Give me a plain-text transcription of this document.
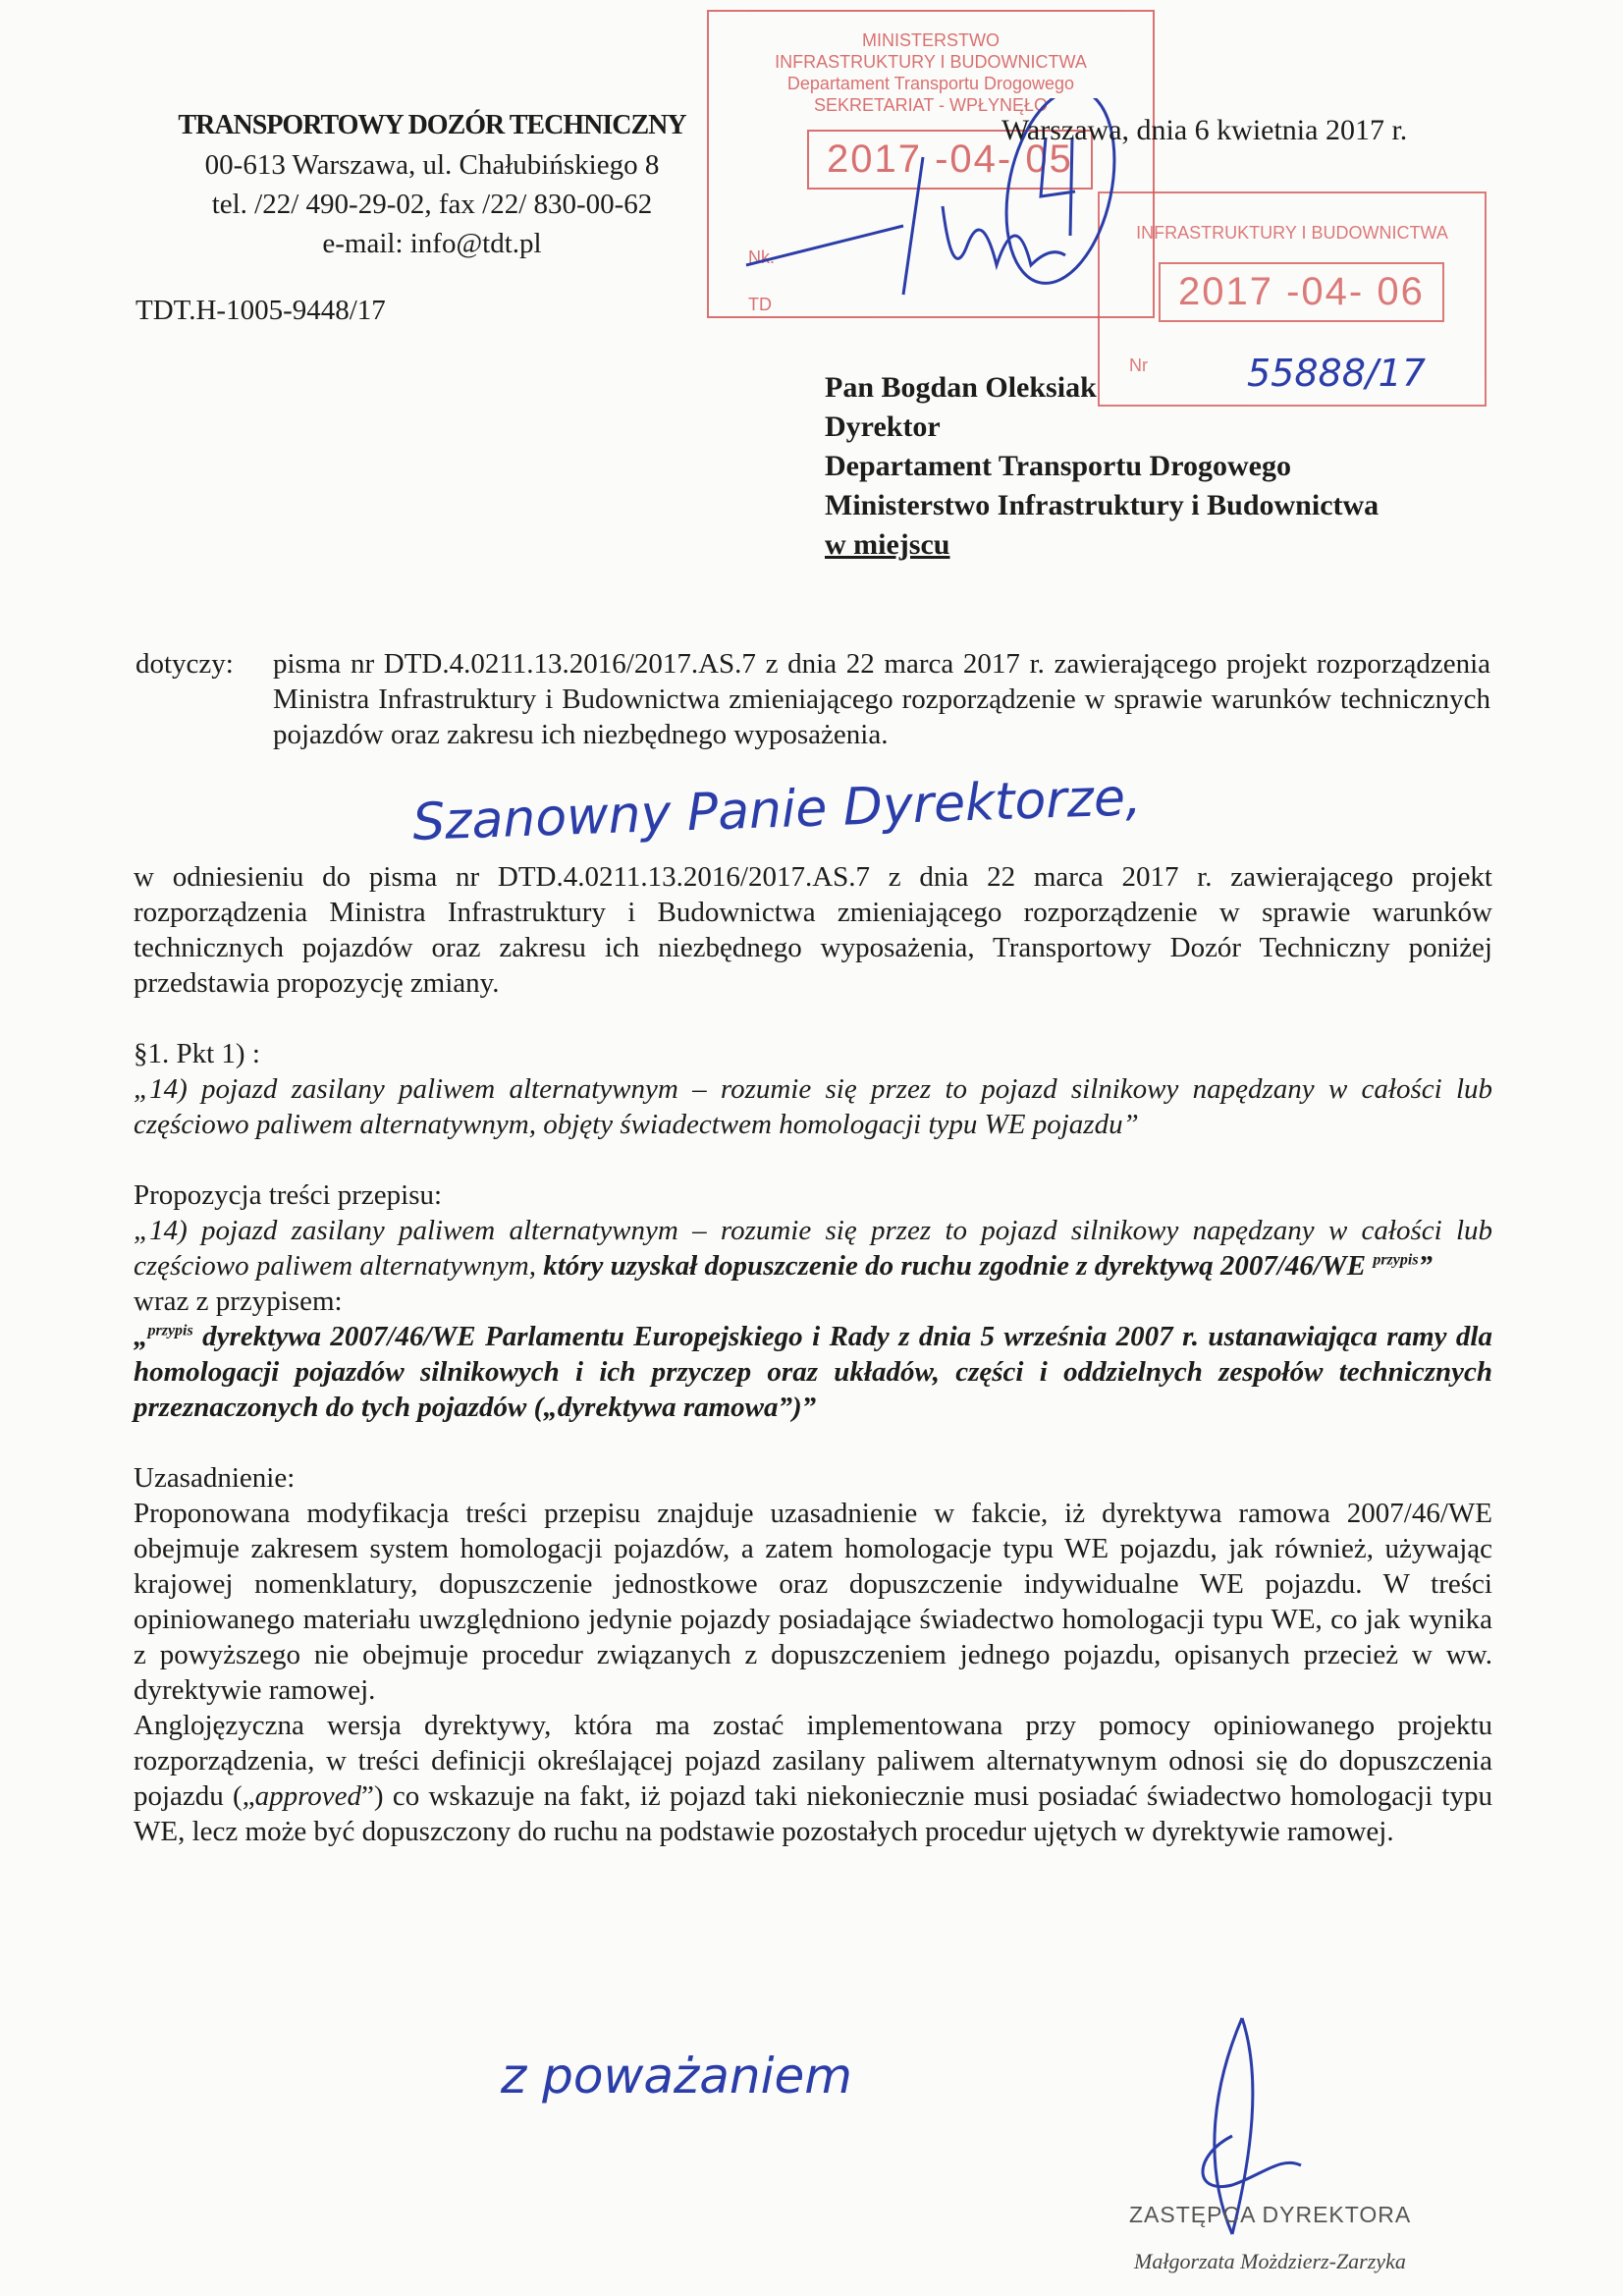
MINISTERSTWO
INFRASTRUKTURY I BUDOWNICTWA
Departament Transportu Drogowego
SEKRETARIAT - WPŁYNĘŁO
2017 -04- 05
Nk.
TD
INFRASTRUKTURY I BUDOWNICTWA
2017 -04- 06
Nr
TRANSPORTOWY DOZÓR TECHNICZNY
00-613 Warszawa, ul. Chałubińskiego 8
tel. /22/ 490-29-02, fax /22/ 830-00-62
e-mail: info@tdt.pl
TDT.H-1005-9448/17
Warszawa, dnia 6 kwietnia 2017 r.
55888/17
Pan Bogdan Oleksiak
Dyrektor
Departament Transportu Drogowego
Ministerstwo Infrastruktury i Budownictwa
w miejscu
dotyczy: pisma nr DTD.4.0211.13.2016/2017.AS.7 z dnia 22 marca 2017 r. zawierającego projekt rozporządzenia Ministra Infrastruktury i Budownictwa zmieniającego rozporządzenie w sprawie warunków technicznych pojazdów oraz zakresu ich niezbędnego wyposażenia.
Szanowny Panie Dyrektorze,

w odniesieniu do pisma nr DTD.4.0211.13.2016/2017.AS.7 z dnia 22 marca 2017 r. zawierającego projekt rozporządzenia Ministra Infrastruktury i Budownictwa zmieniającego rozporządzenie w sprawie warunków technicznych pojazdów oraz zakresu ich niezbędnego wyposażenia, Transportowy Dozór Techniczny poniżej przedstawia propozycję zmiany.

§1. Pkt 1) :

„14) pojazd zasilany paliwem alternatywnym – rozumie się przez to pojazd silnikowy napędzany w całości lub częściowo paliwem alternatywnym, objęty świadectwem homologacji typu WE pojazdu”

Propozycja treści przepisu:

„14) pojazd zasilany paliwem alternatywnym – rozumie się przez to pojazd silnikowy napędzany w całości lub częściowo paliwem alternatywnym, który uzyskał dopuszczenie do ruchu zgodnie z dyrektywą 2007/46/WE $^{przypis}$”

wraz z przypisem:

„$^{przypis}$ dyrektywa 2007/46/WE Parlamentu Europejskiego i Rady z dnia 5 września 2007 r. ustanawiająca ramy dla homologacji pojazdów silnikowych i ich przyczep oraz układów, części i oddzielnych zespołów technicznych przeznaczonych do tych pojazdów („dyrektywa ramowa”)”

Uzasadnienie:

Proponowana modyfikacja treści przepisu znajduje uzasadnienie w fakcie, iż dyrektywa ramowa 2007/46/WE obejmuje zakresem system homologacji pojazdów, a zatem homologacje typu WE pojazdu, jak również, używając krajowej nomenklatury, dopuszczenie jednostkowe oraz dopuszczenie indywidualne WE pojazdu. W treści opiniowanego materiału uwzględniono jedynie pojazdy posiadające świadectwo homologacji typu WE, co jak wynika z powyższego nie obejmuje procedur związanych z dopuszczeniem jednego pojazdu, opisanych przecież w ww. dyrektywie ramowej.

Anglojęzyczna wersja dyrektywy, która ma zostać implementowana przy pomocy opiniowanego projektu rozporządzenia, w treści definicji określającej pojazd zasilany paliwem alternatywnym odnosi się do dopuszczenia pojazdu („approved”) co wskazuje na fakt, iż pojazd taki niekoniecznie musi posiadać świadectwo homologacji typu WE, lecz może być dopuszczony do ruchu na podstawie pozostałych procedur ujętych w dyrektywie ramowej.

z poważaniem
ZASTĘPCA DYREKTORA
Małgorzata Możdzierz-Zarzyka
